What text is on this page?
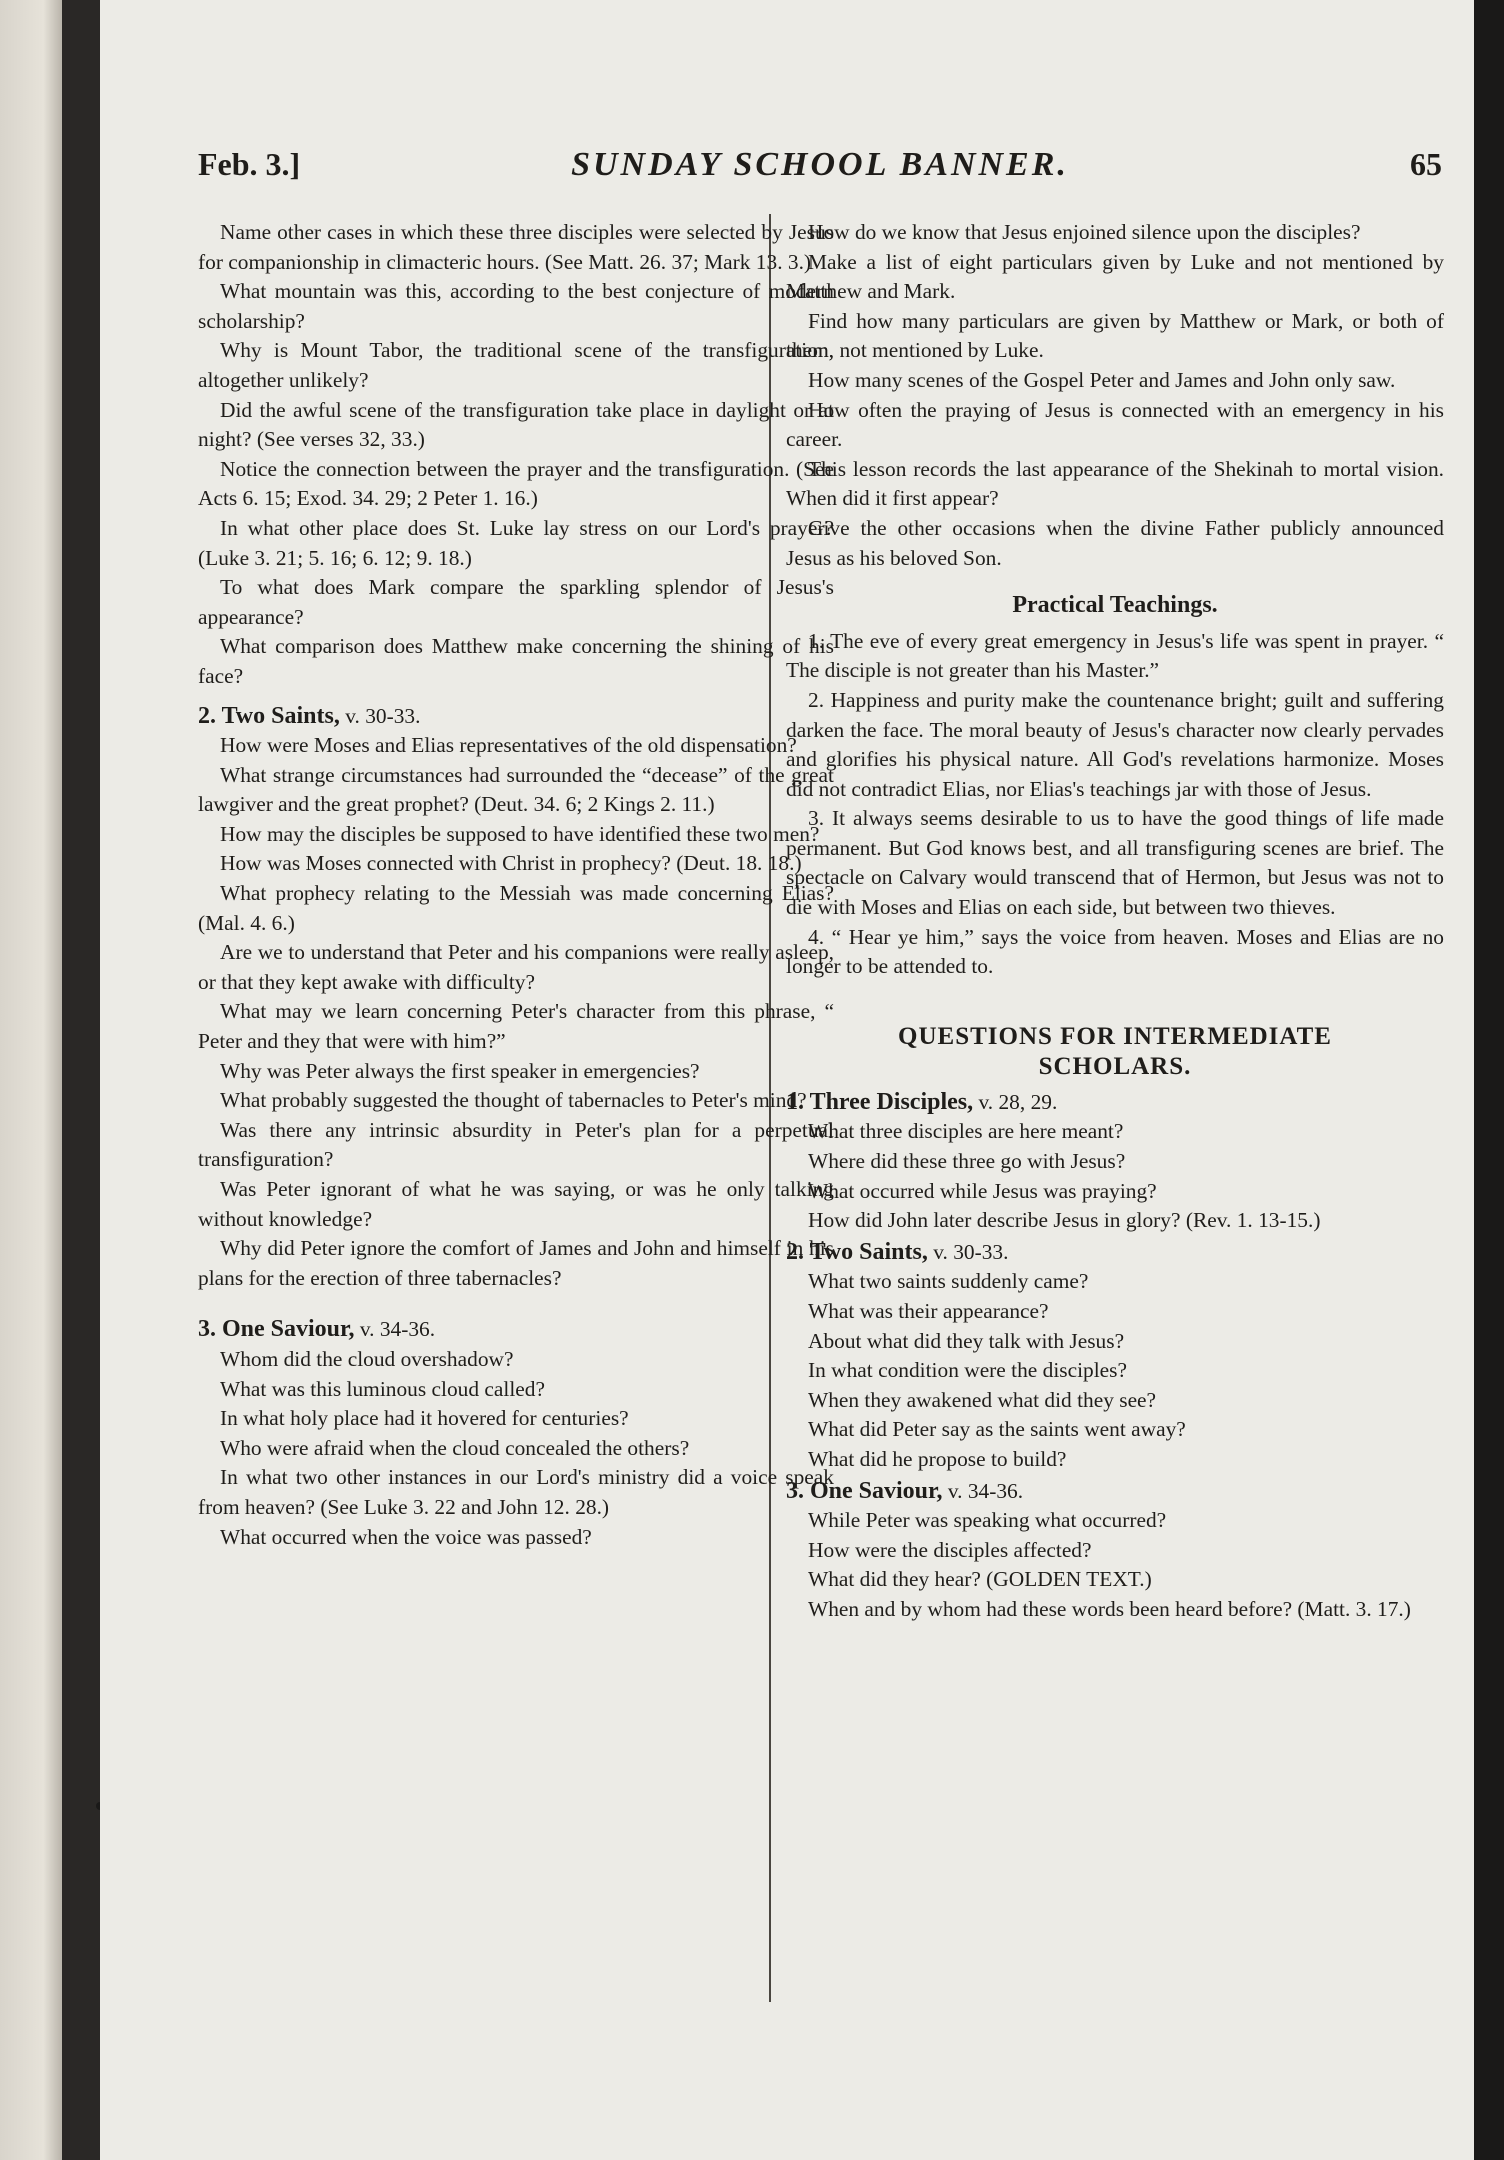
Feb. 3.]	SUNDAY SCHOOL BANNER.	65

Name other cases in which these three disciples were selected by Jesus for companionship in climacteric hours. (See Matt. 26. 37; Mark 13. 3.)

What mountain was this, according to the best conjecture of modern scholarship?

Why is Mount Tabor, the traditional scene of the transfiguration, altogether unlikely?

Did the awful scene of the transfiguration take place in daylight or at night? (See verses 32, 33.)

Notice the connection between the prayer and the transfiguration. (See Acts 6. 15; Exod. 34. 29; 2 Peter 1. 16.)

In what other place does St. Luke lay stress on our Lord's prayer? (Luke 3. 21; 5. 16; 6. 12; 9. 18.)

To what does Mark compare the sparkling splendor of Jesus's appearance?

What comparison does Matthew make concerning the shining of his face?

2. Two Saints, v. 30-33.

How were Moses and Elias representatives of the old dispensation?

What strange circumstances had surrounded the “decease” of the great lawgiver and the great prophet? (Deut. 34. 6; 2 Kings 2. 11.)

How may the disciples be supposed to have identified these two men?

How was Moses connected with Christ in prophecy? (Deut. 18. 18.)

What prophecy relating to the Messiah was made concerning Elias? (Mal. 4. 6.)

Are we to understand that Peter and his companions were really asleep, or that they kept awake with difficulty?

What may we learn concerning Peter's character from this phrase, “ Peter and they that were with him?”

Why was Peter always the first speaker in emergencies?

What probably suggested the thought of tabernacles to Peter's mind?

Was there any intrinsic absurdity in Peter's plan for a perpetual transfiguration?

Was Peter ignorant of what he was saying, or was he only talking without knowledge?

Why did Peter ignore the comfort of James and John and himself in his plans for the erection of three tabernacles?

3. One Saviour, v. 34-36.

Whom did the cloud overshadow?

What was this luminous cloud called?

In what holy place had it hovered for centuries?

Who were afraid when the cloud concealed the others?

In what two other instances in our Lord's ministry did a voice speak from heaven? (See Luke 3. 22 and John 12. 28.)

What occurred when the voice was passed?

How do we know that Jesus enjoined silence upon the disciples?

Make a list of eight particulars given by Luke and not mentioned by Matthew and Mark.

Find how many particulars are given by Matthew or Mark, or both of them, not mentioned by Luke.

How many scenes of the Gospel Peter and James and John only saw.

How often the praying of Jesus is connected with an emergency in his career.

This lesson records the last appearance of the Shekinah to mortal vision. When did it first appear?

Give the other occasions when the divine Father publicly announced Jesus as his beloved Son.

Practical Teachings.

1. The eve of every great emergency in Jesus's life was spent in prayer. “ The disciple is not greater than his Master.”

2. Happiness and purity make the countenance bright; guilt and suffering darken the face. The moral beauty of Jesus's character now clearly pervades and glorifies his physical nature. All God's revelations harmonize. Moses did not contradict Elias, nor Elias's teachings jar with those of Jesus.

3. It always seems desirable to us to have the good things of life made permanent. But God knows best, and all transfiguring scenes are brief. The spectacle on Calvary would transcend that of Hermon, but Jesus was not to die with Moses and Elias on each side, but between two thieves.

4. “ Hear ye him,” says the voice from heaven. Moses and Elias are no longer to be attended to.

QUESTIONS FOR INTERMEDIATE
SCHOLARS.

1. Three Disciples, v. 28, 29.

What three disciples are here meant?

Where did these three go with Jesus?

What occurred while Jesus was praying?

How did John later describe Jesus in glory? (Rev. 1. 13-15.)

2. Two Saints, v. 30-33.

What two saints suddenly came?

What was their appearance?

About what did they talk with Jesus?

In what condition were the disciples?

When they awakened what did they see?

What did Peter say as the saints went away?

What did he propose to build?

3. One Saviour, v. 34-36.

While Peter was speaking what occurred?

How were the disciples affected?

What did they hear? (GOLDEN TEXT.)

When and by whom had these words been heard before? (Matt. 3. 17.)
